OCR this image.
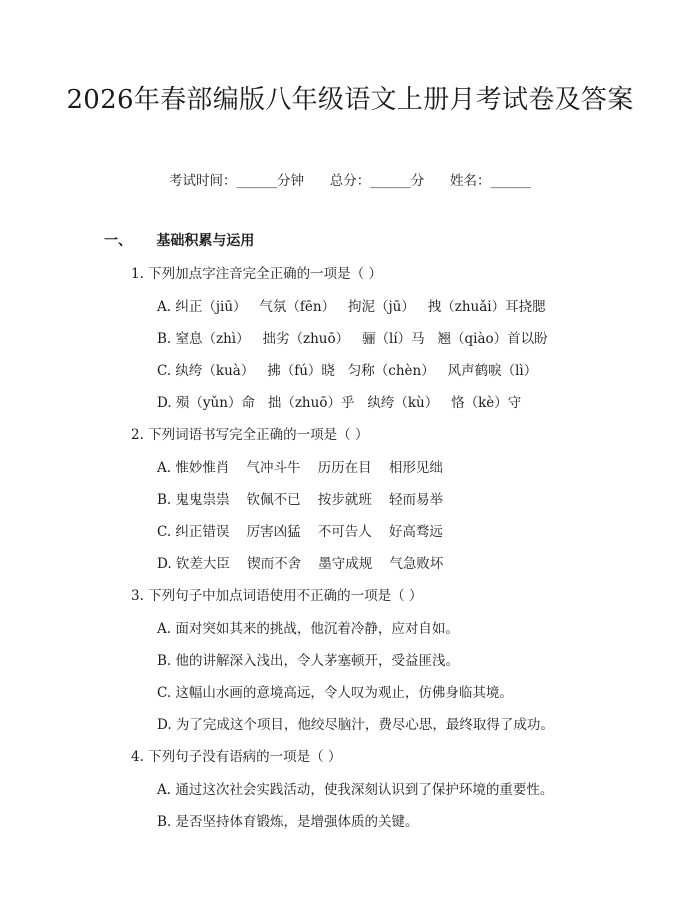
2026年春部编版八年级语文上册月考试卷及答案
考试时间：______分钟      总分：______分      姓名：______
一、 基础积累与运用
1. 下列加点字注音完全正确的一项是（ ）
A. 纠正（jiū）   气氛（fēn）   拘泥（jū）   拽（zhuǎi）耳挠腮
B. 窒息（zhì）   拙劣（zhuō）   骊（lí）马   翘（qiào）首以盼
C. 纨绔（kuà）   拂（fú）晓   匀称（chèn）   风声鹤唳（lì）
D. 殒（yǔn）命   拙（zhuō）乎   纨绔（kù）   恪（kè）守
2. 下列词语书写完全正确的一项是（ ）
A. 惟妙惟肖    气冲斗牛    历历在目    相形见绌
B. 鬼鬼祟祟    钦佩不已    按步就班    轻而易举
C. 纠正错误    厉害凶猛    不可告人    好高骛远
D. 钦差大臣    锲而不舍    墨守成规    气急败坏
3. 下列句子中加点词语使用不正确的一项是（ ）
A. 面对突如其来的挑战，他沉着冷静，应对自如。
B. 他的讲解深入浅出，令人茅塞顿开，受益匪浅。
C. 这幅山水画的意境高远，令人叹为观止，仿佛身临其境。
D. 为了完成这个项目，他绞尽脑汁，费尽心思，最终取得了成功。
4. 下列句子没有语病的一项是（ ）
A. 通过这次社会实践活动，使我深刻认识到了保护环境的重要性。
B. 是否坚持体育锻炼，是增强体质的关键。
